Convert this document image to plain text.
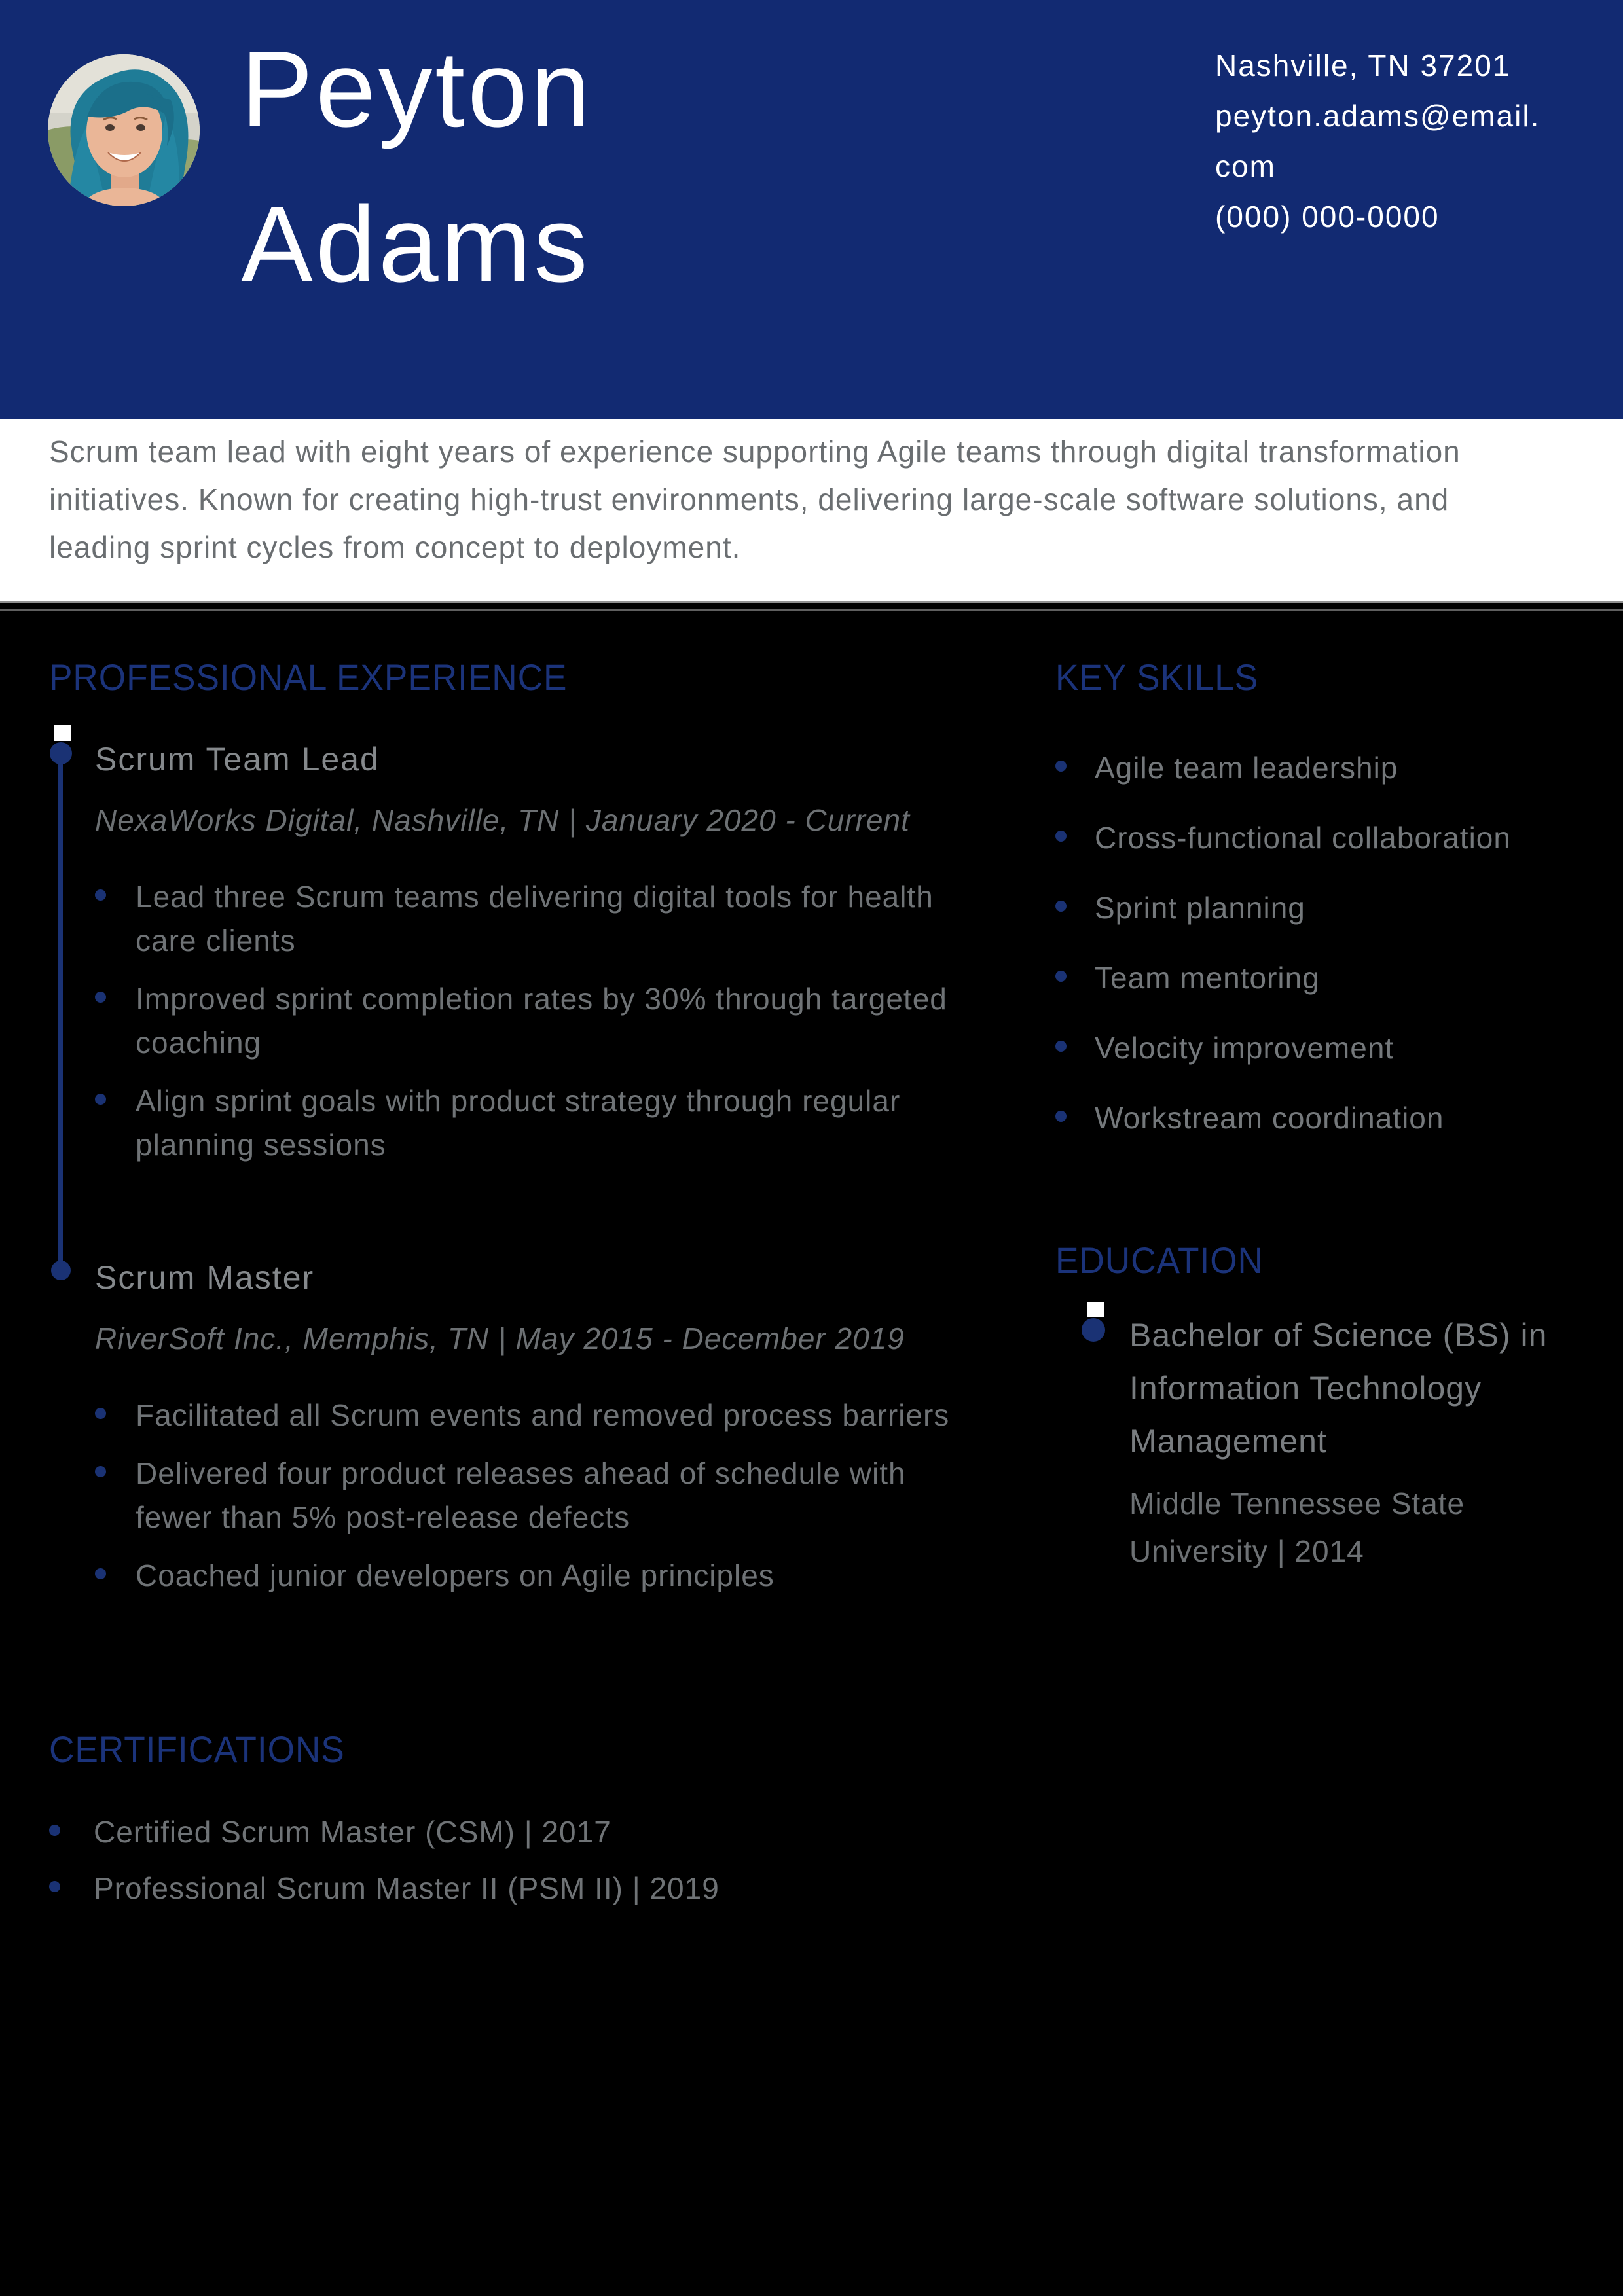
Peyton
Adams
Nashville, TN 37201
peyton.adams@email.com
(000) 000-0000

Scrum team lead with eight years of experience supporting Agile teams through digital transformation initiatives. Known for creating high-trust environments, delivering large-scale software solutions, and leading sprint cycles from concept to deployment.

PROFESSIONAL EXPERIENCE

Scrum Team Lead

NexaWorks Digital, Nashville, TN | January 2020 - Current

Lead three Scrum teams delivering digital tools for health care clients
Improved sprint completion rates by 30% through targeted coaching
Align sprint goals with product strategy through regular planning sessions

Scrum Master

RiverSoft Inc., Memphis, TN | May 2015 - December 2019

Facilitated all Scrum events and removed process barriers
Delivered four product releases ahead of schedule with fewer than 5% post-release defects
Coached junior developers on Agile principles
CERTIFICATIONS
Certified Scrum Master (CSM) | 2017
Professional Scrum Master II (PSM II) | 2019
KEY SKILLS
Agile team leadership
Cross-functional collaboration
Sprint planning
Team mentoring
Velocity improvement
Workstream coordination
EDUCATION

Bachelor of Science (BS) in Information Technology Management

Middle Tennessee State University | 2014
